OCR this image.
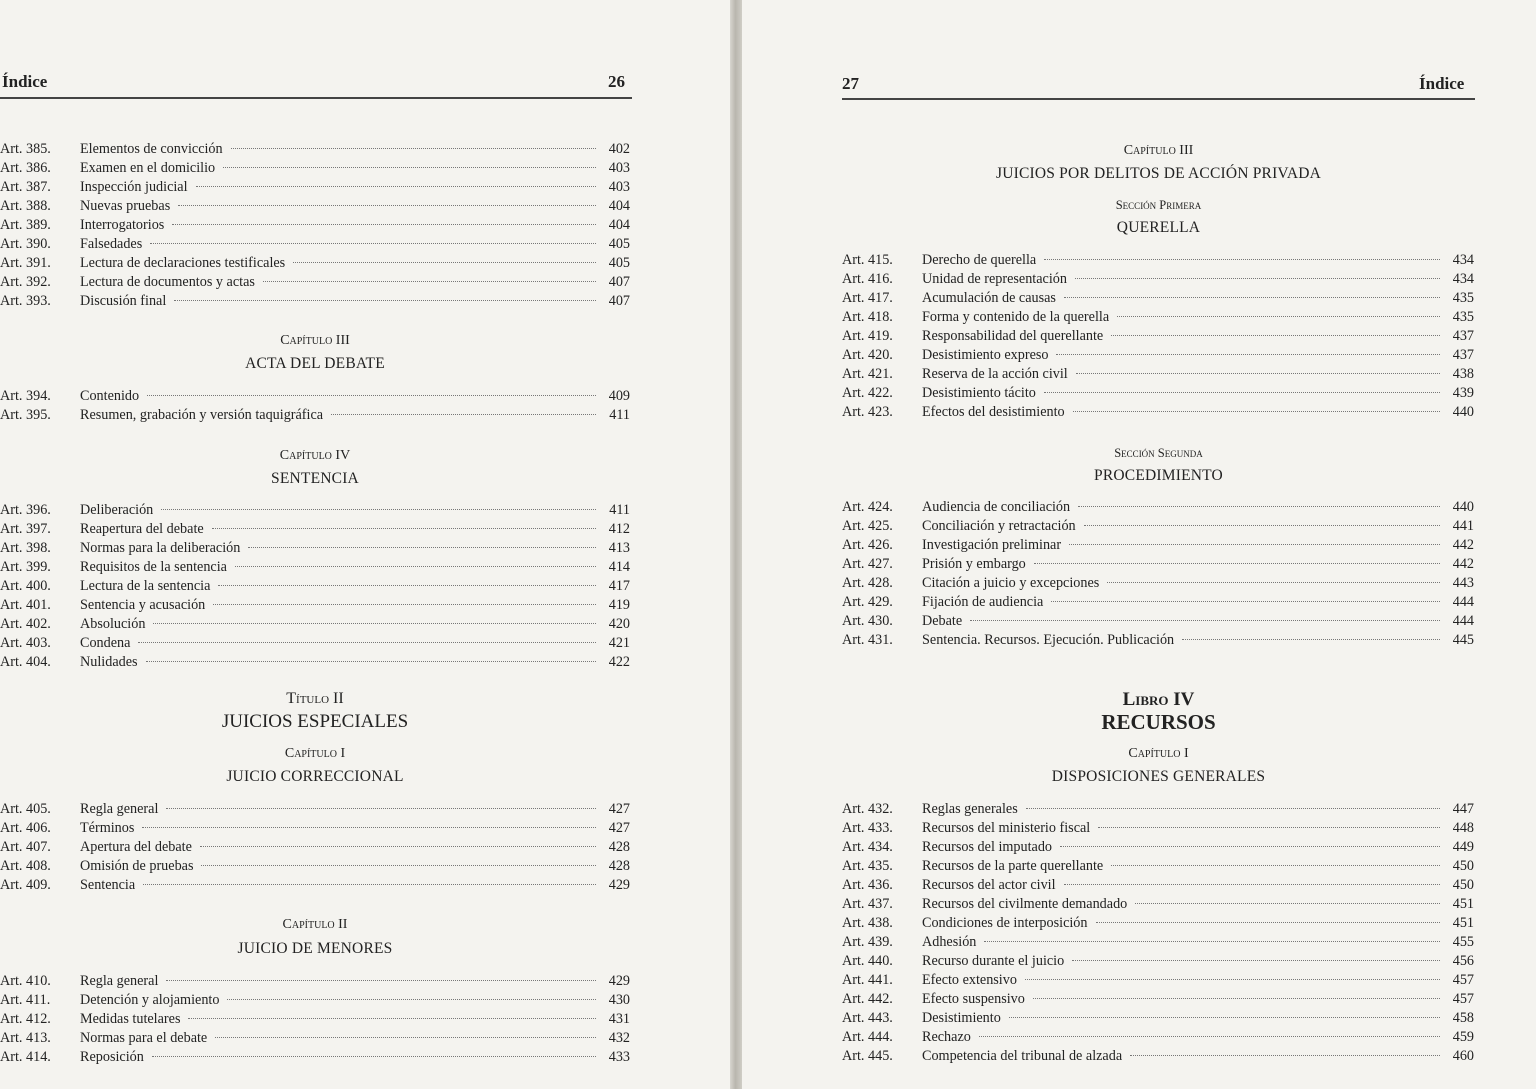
Índice	26
Capítulo III
ACTA DEL DEBATE
Capítulo IV
SENTENCIA
Título II
JUICIOS ESPECIALES
Capítulo I
JUICIO CORRECCIONAL
Capítulo II
JUICIO DE MENORES
Art. 385.	Elementos de convicción	402
Art. 386.	Examen en el domicilio	403
Art. 387.	Inspección judicial	403
Art. 388.	Nuevas pruebas	404
Art. 389.	Interrogatorios	404
Art. 390.	Falsedades	405
Art. 391.	Lectura de declaraciones testificales	405
Art. 392.	Lectura de documentos y actas	407
Art. 393.	Discusión final	407
Art. 394.	Contenido	409
Art. 395.	Resumen, grabación y versión taquigráfica	411
Art. 396.	Deliberación	411
Art. 397.	Reapertura del debate	412
Art. 398.	Normas para la deliberación	413
Art. 399.	Requisitos de la sentencia	414
Art. 400.	Lectura de la sentencia	417
Art. 401.	Sentencia y acusación	419
Art. 402.	Absolución	420
Art. 403.	Condena	421
Art. 404.	Nulidades	422
Art. 405.	Regla general	427
Art. 406.	Términos	427
Art. 407.	Apertura del debate	428
Art. 408.	Omisión de pruebas	428
Art. 409.	Sentencia	429
Art. 410.	Regla general	429
Art. 411.	Detención y alojamiento	430
Art. 412.	Medidas tutelares	431
Art. 413.	Normas para el debate	432
Art. 414.	Reposición	433
27	Índice
Capítulo III
JUICIOS POR DELITOS DE ACCIÓN PRIVADA
Sección Primera
QUERELLA
Sección Segunda
PROCEDIMIENTO
Libro IV
RECURSOS
Capítulo I
DISPOSICIONES GENERALES
Art. 415.	Derecho de querella	434
Art. 416.	Unidad de representación	434
Art. 417.	Acumulación de causas	435
Art. 418.	Forma y contenido de la querella	435
Art. 419.	Responsabilidad del querellante	437
Art. 420.	Desistimiento expreso	437
Art. 421.	Reserva de la acción civil	438
Art. 422.	Desistimiento tácito	439
Art. 423.	Efectos del desistimiento	440
Art. 424.	Audiencia de conciliación	440
Art. 425.	Conciliación y retractación	441
Art. 426.	Investigación preliminar	442
Art. 427.	Prisión y embargo	442
Art. 428.	Citación a juicio y excepciones	443
Art. 429.	Fijación de audiencia	444
Art. 430.	Debate	444
Art. 431.	Sentencia. Recursos. Ejecución. Publicación	445
Art. 432.	Reglas generales	447
Art. 433.	Recursos del ministerio fiscal	448
Art. 434.	Recursos del imputado	449
Art. 435.	Recursos de la parte querellante	450
Art. 436.	Recursos del actor civil	450
Art. 437.	Recursos del civilmente demandado	451
Art. 438.	Condiciones de interposición	451
Art. 439.	Adhesión	455
Art. 440.	Recurso durante el juicio	456
Art. 441.	Efecto extensivo	457
Art. 442.	Efecto suspensivo	457
Art. 443.	Desistimiento	458
Art. 444.	Rechazo	459
Art. 445.	Competencia del tribunal de alzada	460
